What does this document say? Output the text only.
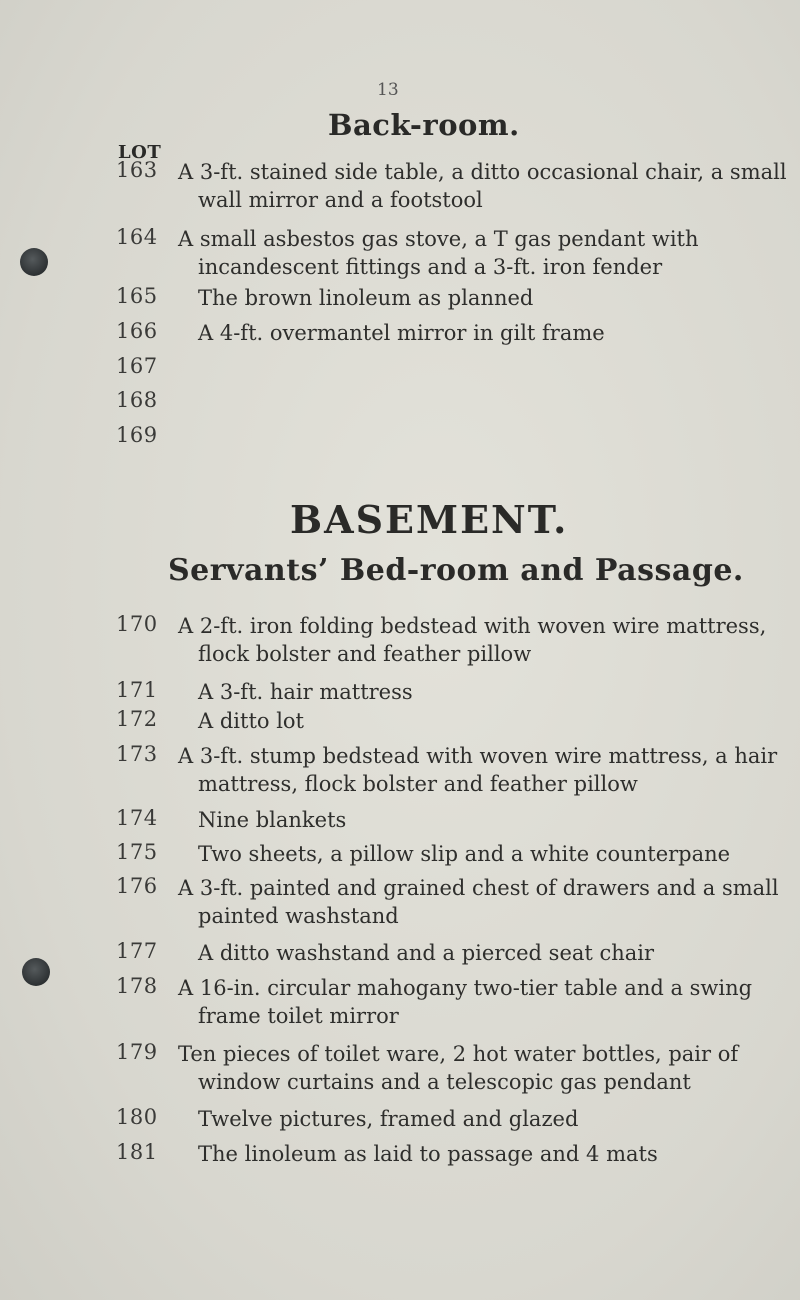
13
Back-room.
LOT
163 A 3-ft. stained side table, a ditto occasional chair, a small wall mirror and a footstool
164 A small asbestos gas stove, a T gas pendant with incandescent fittings and a 3-ft. iron fender
165	The brown linoleum as planned
166	A 4-ft. overmantel mirror in gilt frame
167
168
169
BASEMENT.
Servants’ Bed-room and Passage.
170 A 2-ft. iron folding bedstead with woven wire mattress, flock bolster and feather pillow
171	A 3-ft. hair mattress
172	A ditto lot
173 A 3-ft. stump bedstead with woven wire mattress, a hair mattress, flock bolster and feather pillow
174	Nine blankets
175	Two sheets, a pillow slip and a white counterpane
176 A 3-ft. painted and grained chest of drawers and a small painted washstand
177	A ditto washstand and a pierced seat chair
178 A 16-in. circular mahogany two-tier table and a swing frame toilet mirror
179 Ten pieces of toilet ware, 2 hot water bottles, pair of window curtains and a telescopic gas pendant
180	Twelve pictures, framed and glazed
181	The linoleum as laid to passage and 4 mats
